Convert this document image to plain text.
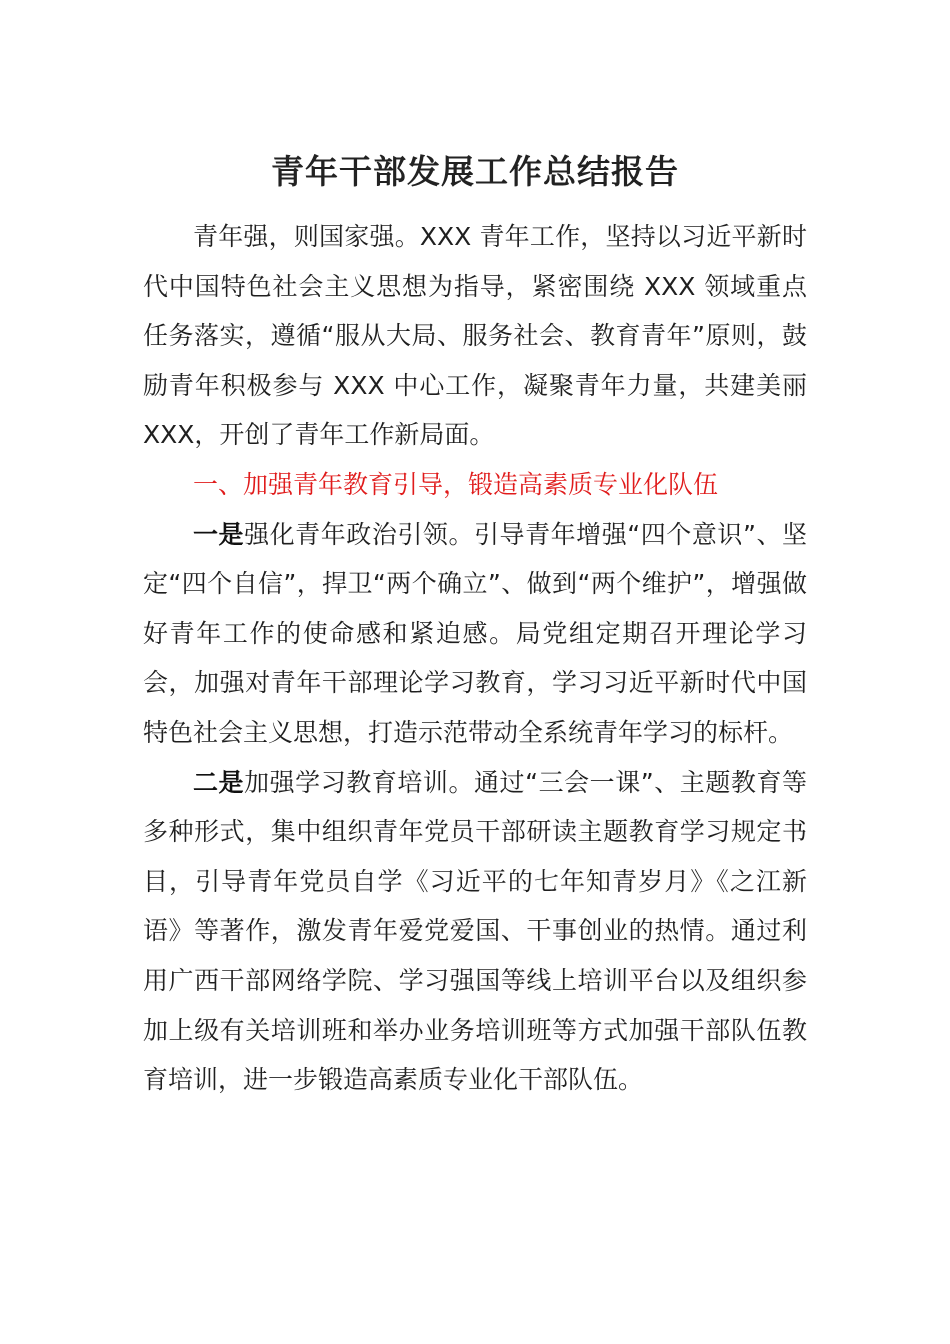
青年干部发展工作总结报告

青年强，则国家强。XXX 青年工作，坚持以习近平新时代中国特色社会主义思想为指导，紧密围绕 XXX 领域重点任务落实，遵循“服从大局、服务社会、教育青年”原则，鼓励青年积极参与 XXX 中心工作，凝聚青年力量，共建美丽 XXX，开创了青年工作新局面。

一、加强青年教育引导，锻造高素质专业化队伍

一是强化青年政治引领。引导青年增强“四个意识”、坚定“四个自信”，捍卫“两个确立”、做到“两个维护”，增强做好青年工作的使命感和紧迫感。局党组定期召开理论学习会，加强对青年干部理论学习教育，学习习近平新时代中国特色社会主义思想，打造示范带动全系统青年学习的标杆。

二是加强学习教育培训。通过“三会一课”、主题教育等多种形式，集中组织青年党员干部研读主题教育学习规定书目，引导青年党员自学《习近平的七年知青岁月》《之江新语》等著作，激发青年爱党爱国、干事创业的热情。通过利用广西干部网络学院、学习强国等线上培训平台以及组织参加上级有关培训班和举办业务培训班等方式加强干部队伍教育培训，进一步锻造高素质专业化干部队伍。
